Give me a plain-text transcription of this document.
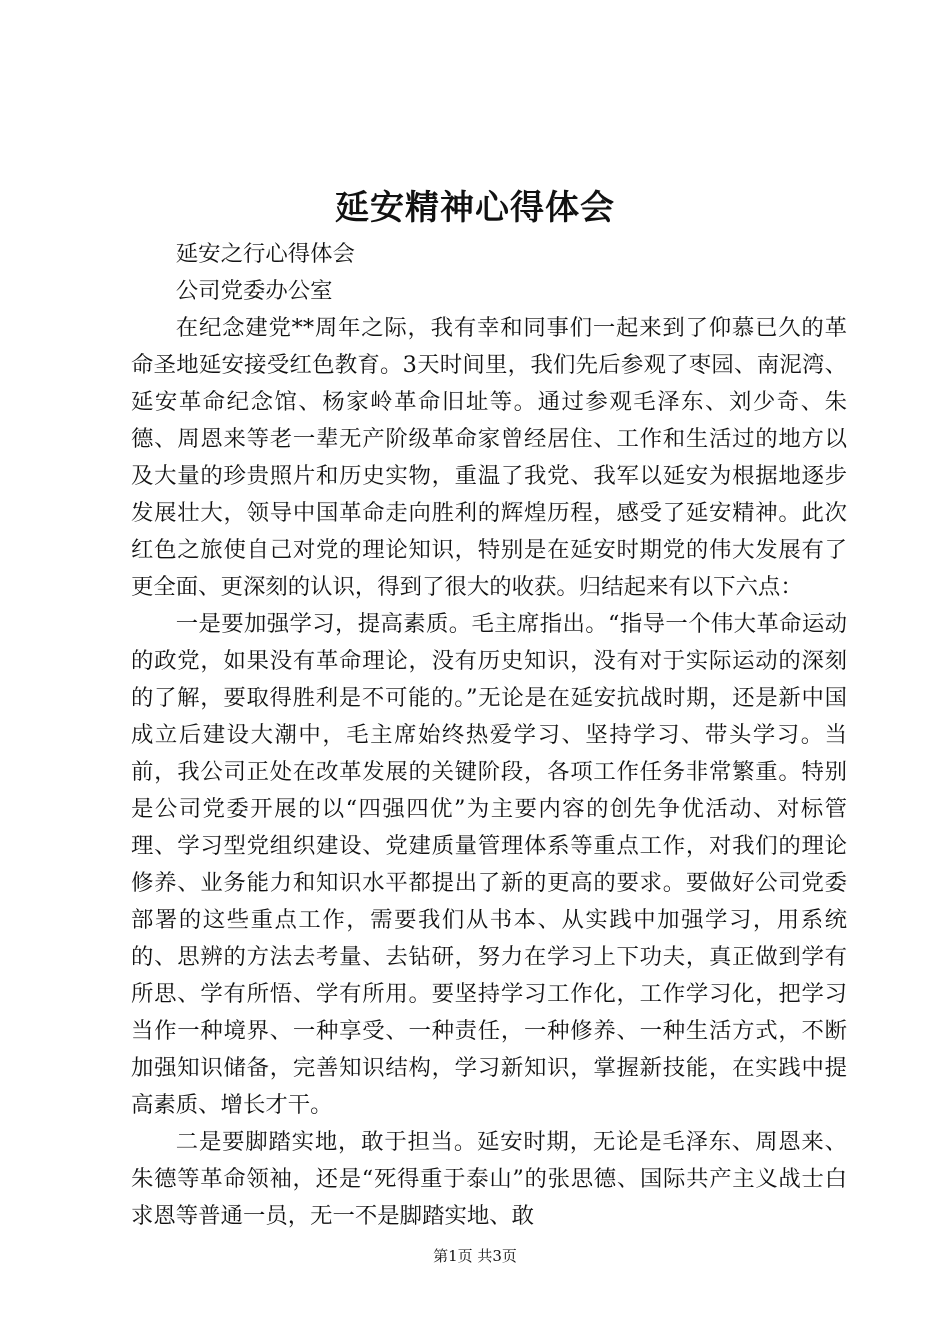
延安精神心得体会

延安之行心得体会

公司党委办公室

在纪念建党**周年之际，我有幸和同事们一起来到了仰慕已久的革命圣地延安接受红色教育。3天时间里，我们先后参观了枣园、南泥湾、延安革命纪念馆、杨家岭革命旧址等。通过参观毛泽东、刘少奇、朱德、周恩来等老一辈无产阶级革命家曾经居住、工作和生活过的地方以及大量的珍贵照片和历史实物，重温了我党、我军以延安为根据地逐步发展壮大，领导中国革命走向胜利的辉煌历程，感受了延安精神。此次红色之旅使自己对党的理论知识，特别是在延安时期党的伟大发展有了更全面、更深刻的认识，得到了很大的收获。归结起来有以下六点：

一是要加强学习，提高素质。毛主席指出。“指导一个伟大革命运动的政党，如果没有革命理论，没有历史知识，没有对于实际运动的深刻的了解，要取得胜利是不可能的。”无论是在延安抗战时期，还是新中国成立后建设大潮中，毛主席始终热爱学习、坚持学习、带头学习。当前，我公司正处在改革发展的关键阶段，各项工作任务非常繁重。特别是公司党委开展的以“四强四优”为主要内容的创先争优活动、对标管理、学习型党组织建设、党建质量管理体系等重点工作，对我们的理论修养、业务能力和知识水平都提出了新的更高的要求。要做好公司党委部署的这些重点工作，需要我们从书本、从实践中加强学习，用系统的、思辨的方法去考量、去钻研，努力在学习上下功夫，真正做到学有所思、学有所悟、学有所用。要坚持学习工作化，工作学习化，把学习当作一种境界、一种享受、一种责任，一种修养、一种生活方式，不断加强知识储备，完善知识结构，学习新知识，掌握新技能，在实践中提高素质、增长才干。

二是要脚踏实地，敢于担当。延安时期，无论是毛泽东、周恩来、朱德等革命领袖，还是“死得重于泰山”的张思德、国际共产主义战士白求恩等普通一员，无一不是脚踏实地、敢

第1页 共3页
